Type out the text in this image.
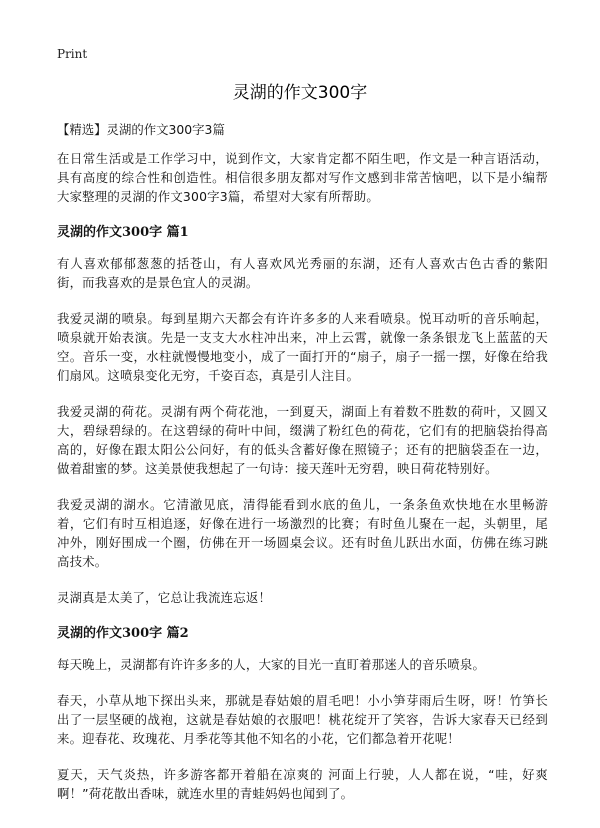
Print
灵湖的作文300字

【精选】灵湖的作文300字3篇

在日常生活或是工作学习中，说到作文，大家肯定都不陌生吧，作文是一种言语活动，具有高度的综合性和创造性。相信很多朋友都对写作文感到非常苦恼吧，以下是小编帮大家整理的灵湖的作文300字3篇，希望对大家有所帮助。

灵湖的作文300字 篇1

有人喜欢郁郁葱葱的括苍山，有人喜欢风光秀丽的东湖，还有人喜欢古色古香的紫阳街，而我喜欢的是景色宜人的灵湖。

我爱灵湖的喷泉。每到星期六天都会有许许多多的人来看喷泉。悦耳动听的音乐响起，喷泉就开始表演。先是一支支大水柱冲出来，冲上云霄，就像一条条银龙飞上蓝蓝的天空。音乐一变，水柱就慢慢地变小，成了一面打开的“扇子，扇子一摇一摆，好像在给我们扇风。这喷泉变化无穷，千姿百态，真是引人注目。

我爱灵湖的荷花。灵湖有两个荷花池，一到夏天，湖面上有着数不胜数的荷叶，又圆又大，碧绿碧绿的。在这碧绿的荷叶中间，缀满了粉红色的荷花，它们有的把脑袋抬得高高的，好像在跟太阳公公问好，有的低头含蓄好像在照镜子；还有的把脑袋歪在一边，做着甜蜜的梦。这美景使我想起了一句诗：接天莲叶无穷碧，映日荷花特别好。

我爱灵湖的湖水。它清澈见底，清得能看到水底的鱼儿，一条条鱼欢快地在水里畅游着，它们有时互相追逐，好像在进行一场激烈的比赛；有时鱼儿聚在一起，头朝里，尾冲外，刚好围成一个圈，仿佛在开一场圆桌会议。还有时鱼儿跃出水面，仿佛在练习跳高技术。

灵湖真是太美了，它总让我流连忘返！

灵湖的作文300字 篇2

每天晚上，灵湖都有许许多多的人，大家的目光一直盯着那迷人的音乐喷泉。

春天，小草从地下探出头来，那就是春姑娘的眉毛吧！小小笋芽雨后生呀，呀！竹笋长出了一层坚硬的战袍，这就是春姑娘的衣服吧！桃花绽开了笑容，告诉大家春天已经到来。迎春花、玫瑰花、月季花等其他不知名的小花，它们都急着开花呢！

夏天，天气炎热，许多游客都开着船在凉爽的 河面上行驶，人人都在说，“哇，好爽啊！”荷花散出香味，就连水里的青蛙妈妈也闻到了。
